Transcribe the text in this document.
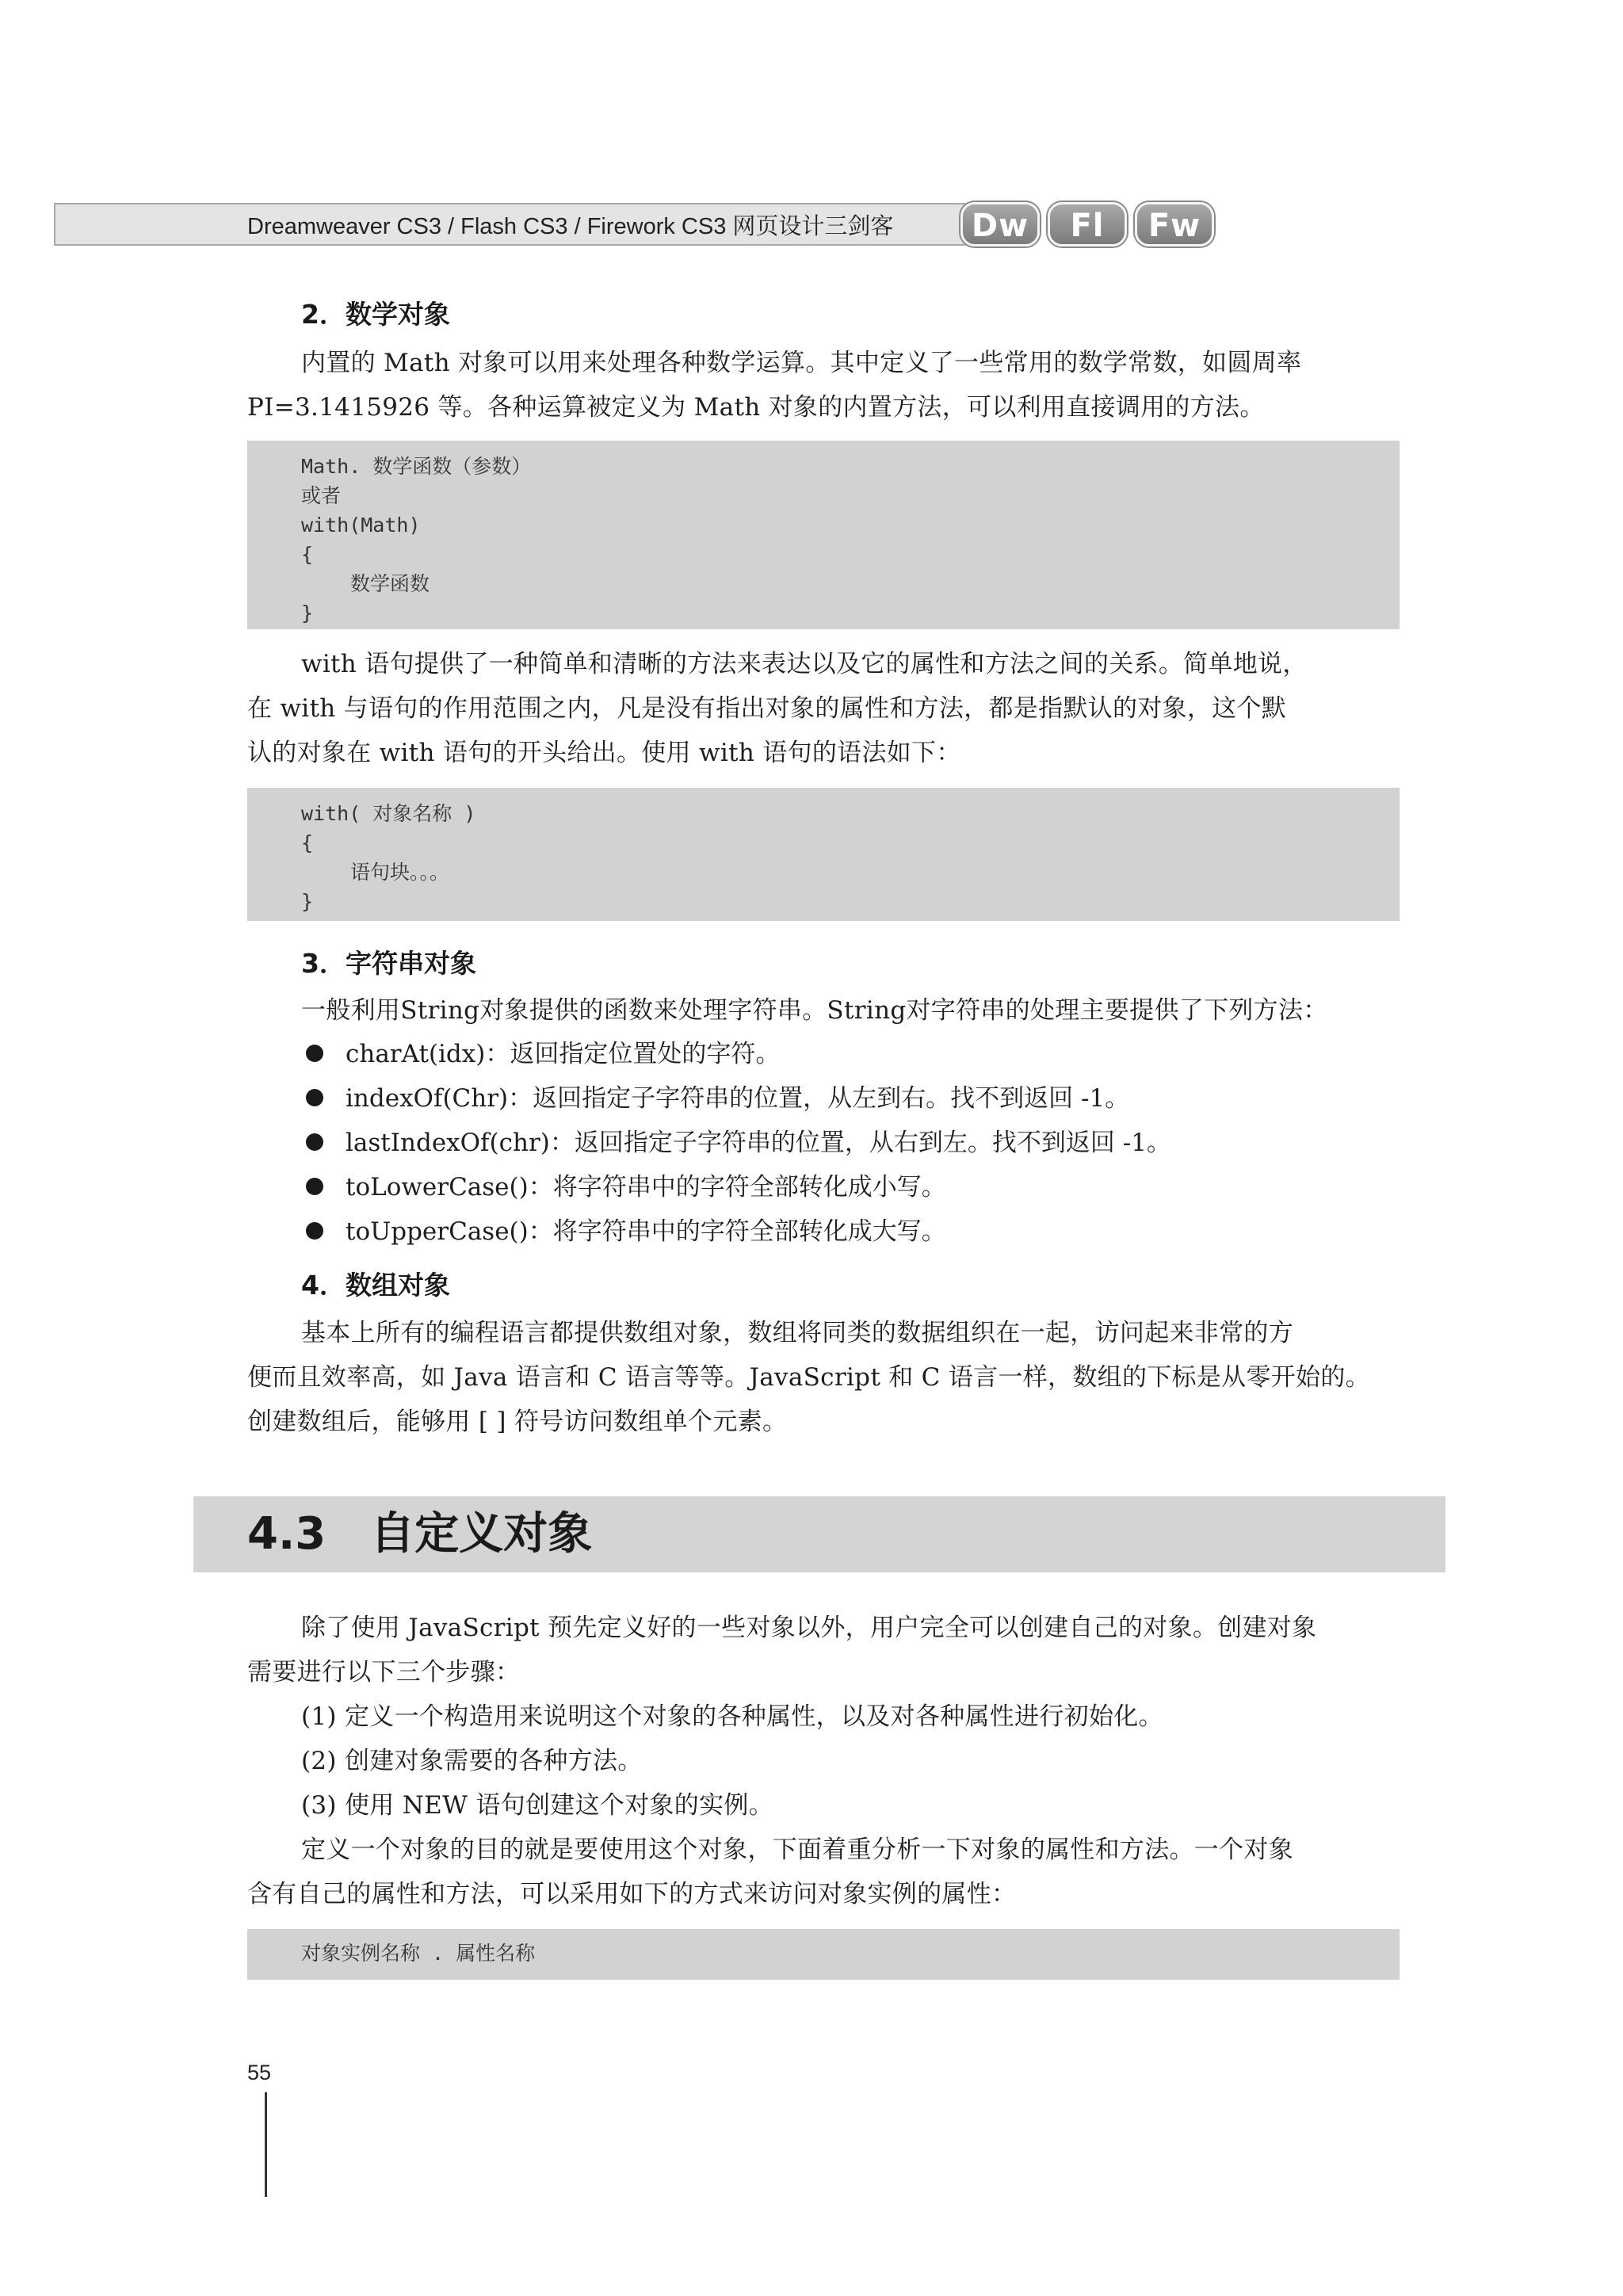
Dreamweaver CS3 / Flash CS3 / Firework CS3 网页设计三剑客	Dw	Fl	Fw
2．数学对象
内置的 Math 对象可以用来处理各种数学运算。其中定义了一些常用的数学常数，如圆周率
PI=3.1415926 等。各种运算被定义为 Math 对象的内置方法，可以利用直接调用的方法。
Math. 数学函数（参数）
或者
with(Math)
{
数学函数
}
with 语句提供了一种简单和清晰的方法来表达以及它的属性和方法之间的关系。简单地说，
在 with 与语句的作用范围之内，凡是没有指出对象的属性和方法，都是指默认的对象，这个默
认的对象在 with 语句的开头给出。使用 with 语句的语法如下：
with( 对象名称 )
{
语句块。。。
}
3．字符串对象
一般利用String对象提供的函数来处理字符串。String对字符串的处理主要提供了下列方法：
charAt(idx)：返回指定位置处的字符。
indexOf(Chr)：返回指定子字符串的位置，从左到右。找不到返回 -1。
lastIndexOf(chr)：返回指定子字符串的位置，从右到左。找不到返回 -1。
toLowerCase()：将字符串中的字符全部转化成小写。
toUpperCase()：将字符串中的字符全部转化成大写。
4．数组对象
基本上所有的编程语言都提供数组对象，数组将同类的数据组织在一起，访问起来非常的方
便而且效率高，如 Java 语言和 C 语言等等。JavaScript 和 C 语言一样，数组的下标是从零开始的。
创建数组后，能够用 [ ] 符号访问数组单个元素。
4.3 自定义对象
除了使用 JavaScript 预先定义好的一些对象以外，用户完全可以创建自己的对象。创建对象
需要进行以下三个步骤：
(1) 定义一个构造用来说明这个对象的各种属性，以及对各种属性进行初始化。
(2) 创建对象需要的各种方法。
(3) 使用 NEW 语句创建这个对象的实例。
定义一个对象的目的就是要使用这个对象，下面着重分析一下对象的属性和方法。一个对象
含有自己的属性和方法，可以采用如下的方式来访问对象实例的属性：
对象实例名称 . 属性名称
55
